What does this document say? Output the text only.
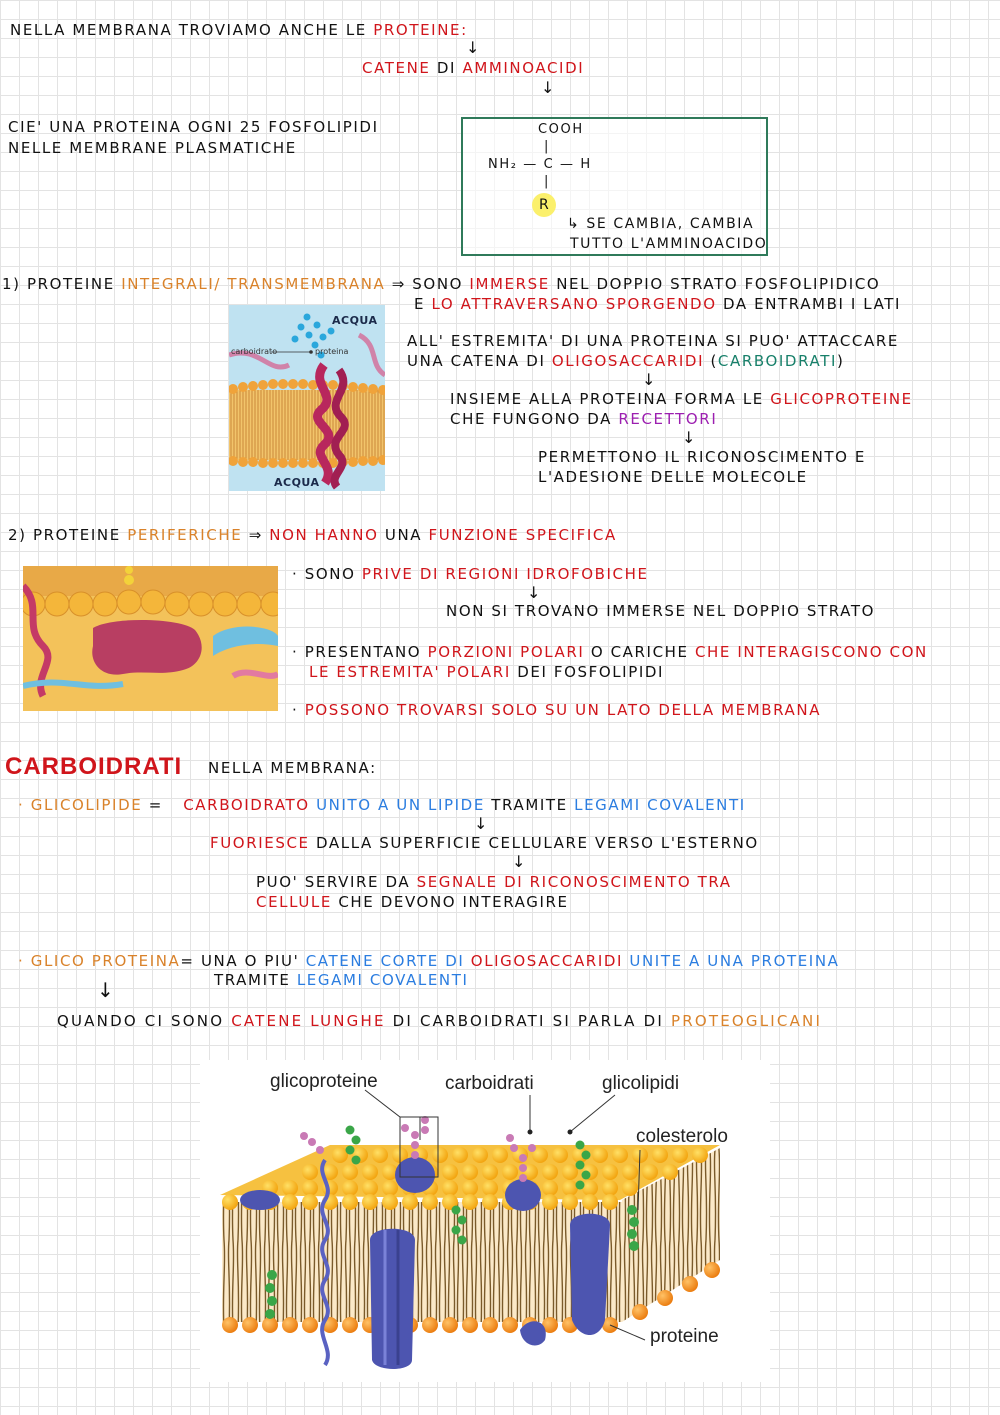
NELLA MEMBRANA TROVIAMO ANCHE LE PROTEINE:
↓
CATENE DI AMMINOACIDI
↓
CIE' UNA PROTEINA OGNI 25 FOSFOLIPIDI
NELLE MEMBRANE PLASMATICHE
COOH
|
NH₂ — C — H
|
R
↳ SE CAMBIA, CAMBIA
TUTTO L'AMMINOACIDO
1) PROTEINE INTEGRALI/ TRANSMEMBRANA ⇒ SONO IMMERSE NEL DOPPIO STRATO FOSFOLIPIDICO
E LO ATTRAVERSANO SPORGENDO DA ENTRAMBI I LATI
ACQUA
carboidrato	proteina
ACQUA
ALL' ESTREMITA' DI UNA PROTEINA SI PUO' ATTACCARE
UNA CATENA DI OLIGOSACCARIDI (CARBOIDRATI)
↓
INSIEME ALLA PROTEINA FORMA LE GLICOPROTEINE
CHE FUNGONO DA RECETTORI
↓
PERMETTONO IL RICONOSCIMENTO E
L'ADESIONE DELLE MOLECOLE
2) PROTEINE PERIFERICHE ⇒ NON HANNO UNA FUNZIONE SPECIFICA
· SONO PRIVE DI REGIONI IDROFOBICHE
↓
NON SI TROVANO IMMERSE NEL DOPPIO STRATO
· PRESENTANO PORZIONI POLARI O CARICHE CHE INTERAGISCONO CON
LE ESTREMITA' POLARI DEI FOSFOLIPIDI
· POSSONO TROVARSI SOLO SU UN LATO DELLA MEMBRANA
CARBOIDRATI NELLA MEMBRANA:
· GLICOLIPIDE = CARBOIDRATO UNITO A UN LIPIDE TRAMITE LEGAMI COVALENTI
↓
FUORIESCE DALLA SUPERFICIE CELLULARE VERSO L'ESTERNO
↓
PUO' SERVIRE DA SEGNALE DI RICONOSCIMENTO TRA
CELLULE CHE DEVONO INTERAGIRE
· GLICO PROTEINA= UNA O PIU' CATENE CORTE DI OLIGOSACCARIDI UNITE A UNA PROTEINA
TRAMITE LEGAMI COVALENTI
↓
QUANDO CI SONO CATENE LUNGHE DI CARBOIDRATI SI PARLA DI PROTEOGLICANI
glicoproteine	carboidrati	glicolipidi
colesterolo
proteine
